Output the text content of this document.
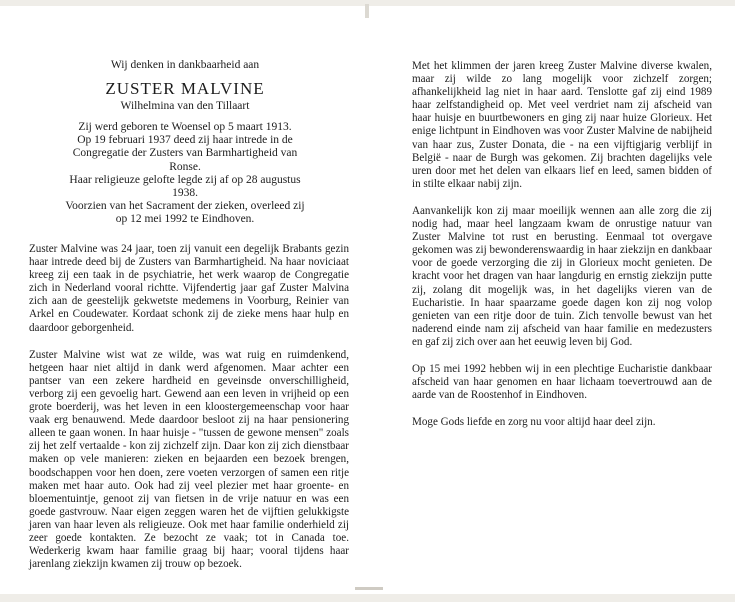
Wij denken in dankbaarheid aan
ZUSTER MALVINE
Wilhelmina van den Tillaart
Zij werd geboren te Woensel op 5 maart 1913.
Op 19 februari 1937 deed zij haar intrede in de
Congregatie der Zusters van Barmhartigheid van Ronse.
Haar religieuze gelofte legde zij af op 28 augustus 1938.
Voorzien van het Sacrament der zieken, overleed zij
op 12 mei 1992 te Eindhoven.

Zuster Malvine was 24 jaar, toen zij vanuit een degelijk Brabants gezin haar intrede deed bij de Zusters van Barmhartigheid. Na haar noviciaat kreeg zij een taak in de psychiatrie, het werk waarop de Congregatie zich in Nederland vooral richtte. Vijfendertig jaar gaf Zuster Malvina zich aan de geestelijk gekwetste medemens in Voorburg, Reinier van Arkel en Coudewater. Kordaat schonk zij de zieke mens haar hulp en daardoor geborgenheid.

Zuster Malvine wist wat ze wilde, was wat ruig en ruimdenkend, hetgeen haar niet altijd in dank werd afgenomen. Maar achter een pantser van een zekere hardheid en geveinsde onverschilligheid, verborg zij een gevoelig hart. Gewend aan een leven in vrijheid op een grote boerderij, was het leven in een kloostergemeenschap voor haar vaak erg benauwend. Mede daardoor besloot zij na haar pensionering alleen te gaan wonen. In haar huisje - "tussen de gewone mensen" zoals zij het zelf vertaalde - kon zij zichzelf zijn. Daar kon zij zich dienstbaar maken op vele manieren: zieken en bejaarden een bezoek brengen, boodschappen voor hen doen, zere voeten verzorgen of samen een ritje maken met haar auto. Ook had zij veel plezier met haar groente- en bloementuintje, genoot zij van fietsen in de vrije natuur en was een goede gastvrouw. Naar eigen zeggen waren het de vijftien gelukkigste jaren van haar leven als religieuze. Ook met haar familie onderhield zij zeer goede kontakten. Ze bezocht ze vaak; tot in Canada toe. Wederkerig kwam haar familie graag bij haar; vooral tijdens haar jarenlang ziekzijn kwamen zij trouw op bezoek.

Met het klimmen der jaren kreeg Zuster Malvine diverse kwalen, maar zij wilde zo lang mogelijk voor zichzelf zorgen; afhankelijkheid lag niet in haar aard. Tenslotte gaf zij eind 1989 haar zelfstandigheid op. Met veel verdriet nam zij afscheid van haar huisje en buurtbewoners en ging zij naar huize Glorieux. Het enige lichtpunt in Eindhoven was voor Zuster Malvine de nabijheid van haar zus, Zuster Donata, die - na een vijftigjarig verblijf in België - naar de Burgh was gekomen. Zij brachten dagelijks vele uren door met het delen van elkaars lief en leed, samen bidden of in stilte elkaar nabij zijn.

Aanvankelijk kon zij maar moeilijk wennen aan alle zorg die zij nodig had, maar heel langzaam kwam de onrustige natuur van Zuster Malvine tot rust en berusting. Eenmaal tot overgave gekomen was zij bewonderenswaardig in haar ziekzijn en dankbaar voor de goede verzorging die zij in Glorieux mocht genieten. De kracht voor het dragen van haar langdurig en ernstig ziekzijn putte zij, zolang dit mogelijk was, in het dagelijks vieren van de Eucharistie. In haar spaarzame goede dagen kon zij nog volop genieten van een ritje door de tuin. Zich tenvolle bewust van het naderend einde nam zij afscheid van haar familie en medezusters en gaf zij zich over aan het eeuwig leven bij God.

Op 15 mei 1992 hebben wij in een plechtige Eucharistie dankbaar afscheid van haar genomen en haar lichaam toevertrouwd aan de aarde van de Roostenhof in Eindhoven.

Moge Gods liefde en zorg nu voor altijd haar deel zijn.
